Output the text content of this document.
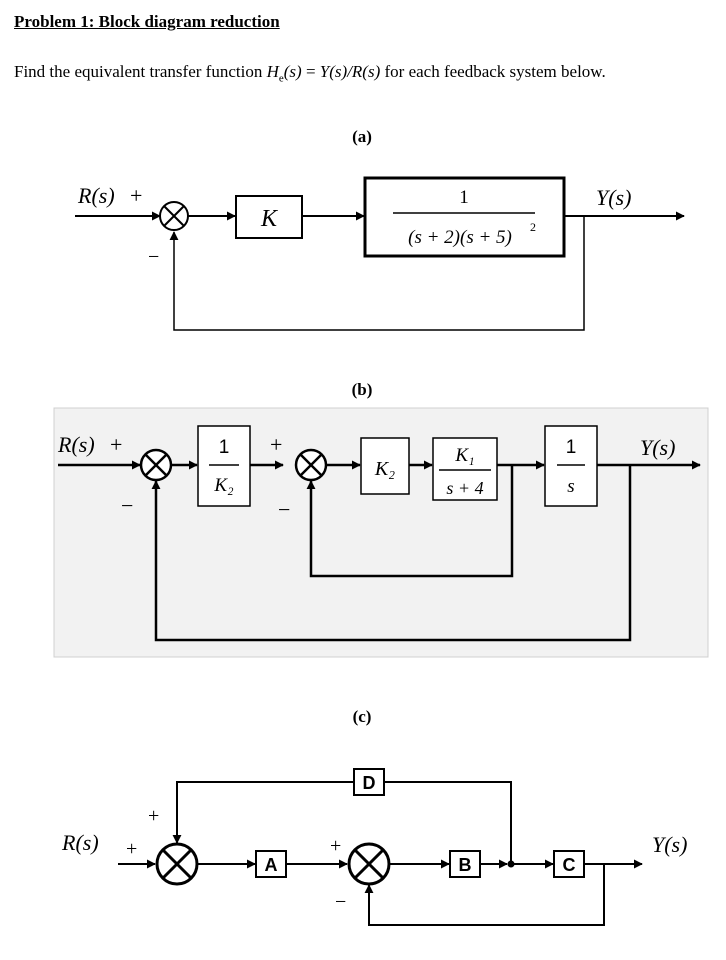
Problem 1: Block diagram reduction
Find the equivalent transfer function $H_e(s) = Y(s)/R(s)$ for each feedback system below.
(a)
R(s) +
−
K
1
(s + 2)(s + 5) 2
Y(s)
(b)
R(s) +
−
1
K₂
+
−
K₂
K₁
s + 4
1
s
Y(s)
(c)
R(s) +
+
A
+
−
B	C
Y(s)
D
